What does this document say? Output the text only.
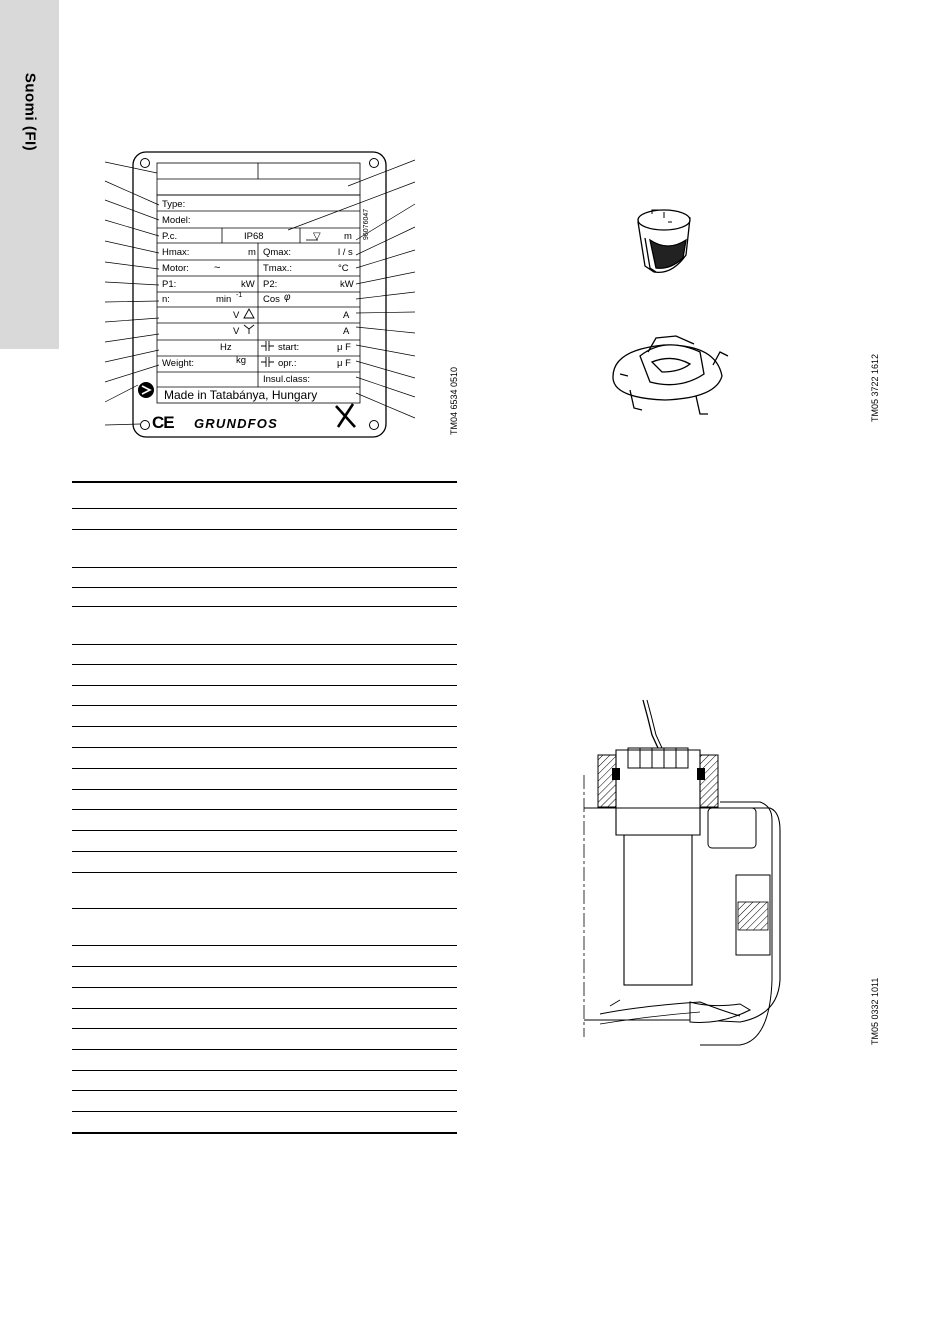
Suomi (FI)
Type:
Model:
P.c.	IP68	▽ m
Hmax:	m Qmax:	l / s
Motor: ~	Tmax.:	°C
P1:	kW P2:	kW
n:	min -1 Cos φ
V	A
V	A
Hz	start:	μ F
Weight:	kg	opr.:	μ F
Insul.class:
Made in Tatabánya, Hungary
CE GRUNDFOS
96076047
TM04 6534 0510	TM05 3722 1612
TM05 0332 1011
